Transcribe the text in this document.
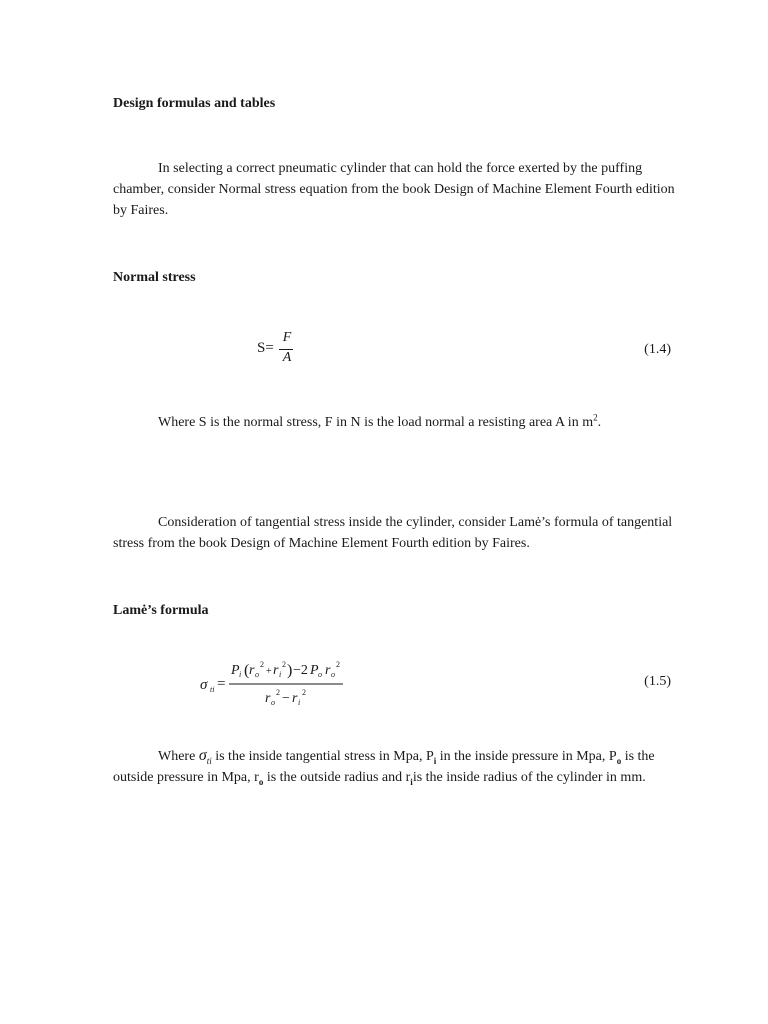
Design formulas and tables
In selecting a correct pneumatic cylinder that can hold the force exerted by the puffing chamber, consider Normal stress equation from the book Design of Machine Element Fourth edition by Faires.
Normal stress
S=
F
A
(1.4)
Where S is the normal stress, F in N is the load normal a resisting area A in $m^2$.
Consideration of tangential stress inside the cylinder, consider Lamė’s formula of tangential stress from the book Design of Machine Element Fourth edition by Faires.
Lamė’s formula
σ ti =
P i ( r o
2
+ r i
2 ) −2 P o r o
2
r o
2 − r i
2
(1.5)
Where $\sigma_{ti}$ is the inside tangential stress in Mpa, $P_i$ in the inside pressure in Mpa, $P_o$ is the outside pressure in Mpa, $r_o$ is the outside radius and $r_iis$ the inside radius of the cylinder in mm.
